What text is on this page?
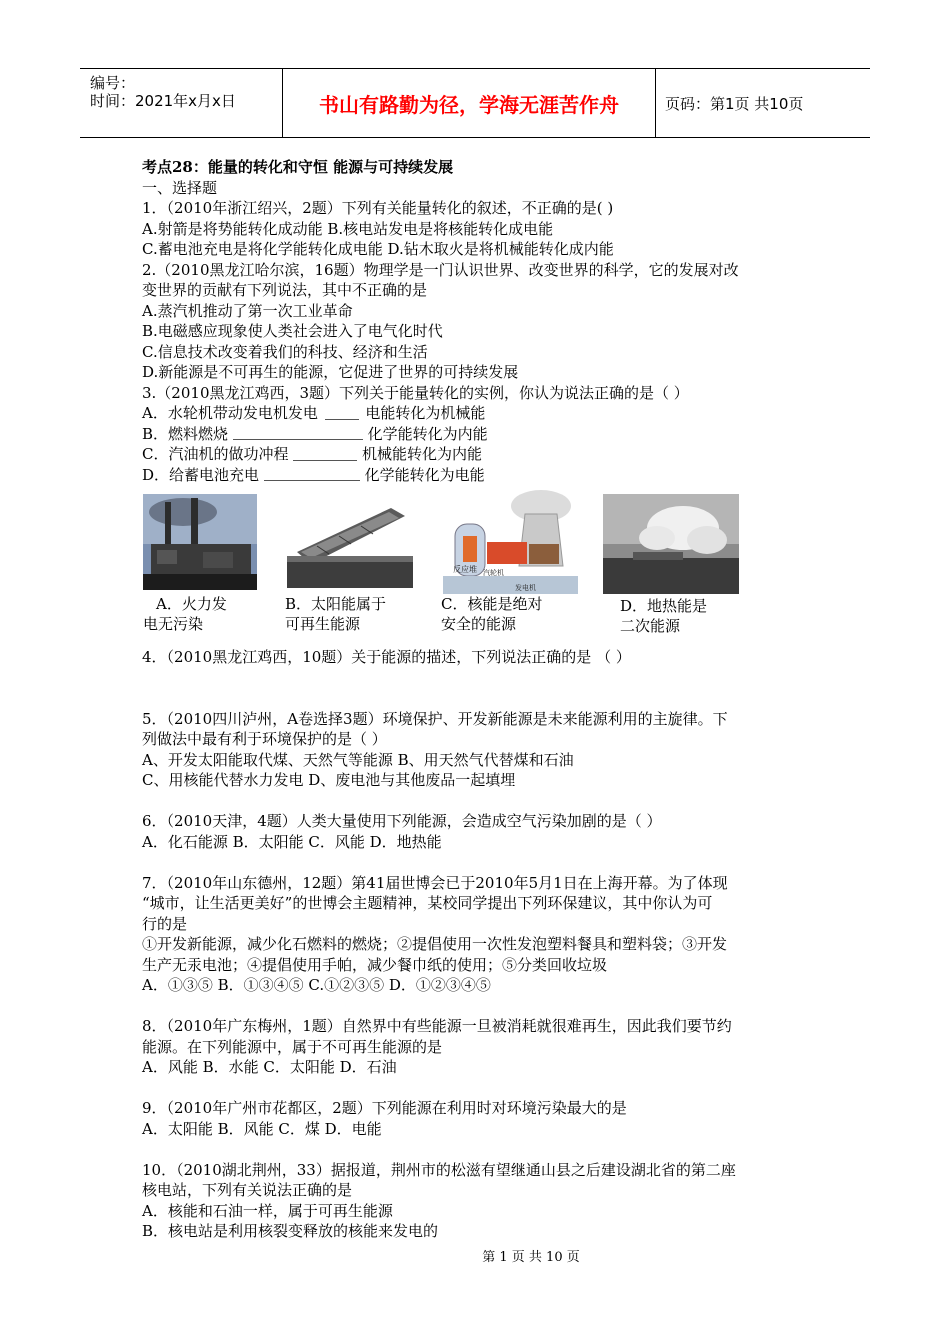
编号：
时间：2021年x月x日	书山有路勤为径，学海无涯苦作舟	页码：第1页 共10页
考点28：能量的转化和守恒 能源与可持续发展
一、选择题
1．（2010年浙江绍兴，2题）下列有关能量转化的叙述，不正确的是( )
A.射箭是将势能转化成动能 B.核电站发电是将核能转化成电能
C.蓄电池充电是将化学能转化成电能 D.钻木取火是将机械能转化成内能
2.（2010黑龙江哈尔滨，16题）物理学是一门认识世界、改变世界的科学，它的发展对改
变世界的贡献有下列说法，其中不正确的是
A.蒸汽机推动了第一次工业革命
B.电磁感应现象使人类社会进入了电气化时代
C.信息技术改变着我们的科技、经济和生活
D.新能源是不可再生的能源，它促进了世界的可持续发展
3.（2010黑龙江鸡西，3题）下列关于能量转化的实例，你认为说法正确的是（ ）
A．水轮机带动发电机发电	电能转化为机械能
B．燃料燃烧	化学能转化为内能
C．汽油机的做功冲程	机械能转化为内能
D．给蓄电池充电	化学能转化为电能
反应堆 汽轮机
发电机
A．火力发
电无污染
B．太阳能属于
可再生能源
C．核能是绝对
安全的能源
D．地热能是
二次能源
4．（2010黑龙江鸡西，10题）关于能源的描述，下列说法正确的是 （ ）
5．（2010四川泸州，A卷选择3题）环境保护、开发新能源是未来能源利用的主旋律。下
列做法中最有利于环境保护的是（ ）
A、开发太阳能取代煤、天然气等能源 B、用天然气代替煤和石油
C、用核能代替水力发电 D、废电池与其他废品一起填埋
6．（2010天津，4题）人类大量使用下列能源，会造成空气污染加剧的是（ ）
A．化石能源 B．太阳能 C．风能 D．地热能
7．（2010年山东德州，12题）第41届世博会已于2010年5月1日在上海开幕。为了体现
“城市，让生活更美好”的世博会主题精神，某校同学提出下列环保建议，其中你认为可
行的是
①开发新能源，减少化石燃料的燃烧；②提倡使用一次性发泡塑料餐具和塑料袋；③开发
生产无汞电池；④提倡使用手帕，减少餐巾纸的使用；⑤分类回收垃圾
A．①③⑤ B．①③④⑤ C.①②③⑤ D．①②③④⑤
8．（2010年广东梅州，1题）自然界中有些能源一旦被消耗就很难再生，因此我们要节约
能源。在下列能源中，属于不可再生能源的是
A．风能 B．水能 C．太阳能 D．石油
9．（2010年广州市花都区，2题）下列能源在利用时对环境污染最大的是
A．太阳能 B．风能 C．煤 D．电能
10．（2010湖北荆州，33）据报道，荆州市的松滋有望继通山县之后建设湖北省的第二座
核电站，下列有关说法正确的是
A．核能和石油一样，属于可再生能源
B．核电站是利用核裂变释放的核能来发电的
第 1 页 共 10 页
